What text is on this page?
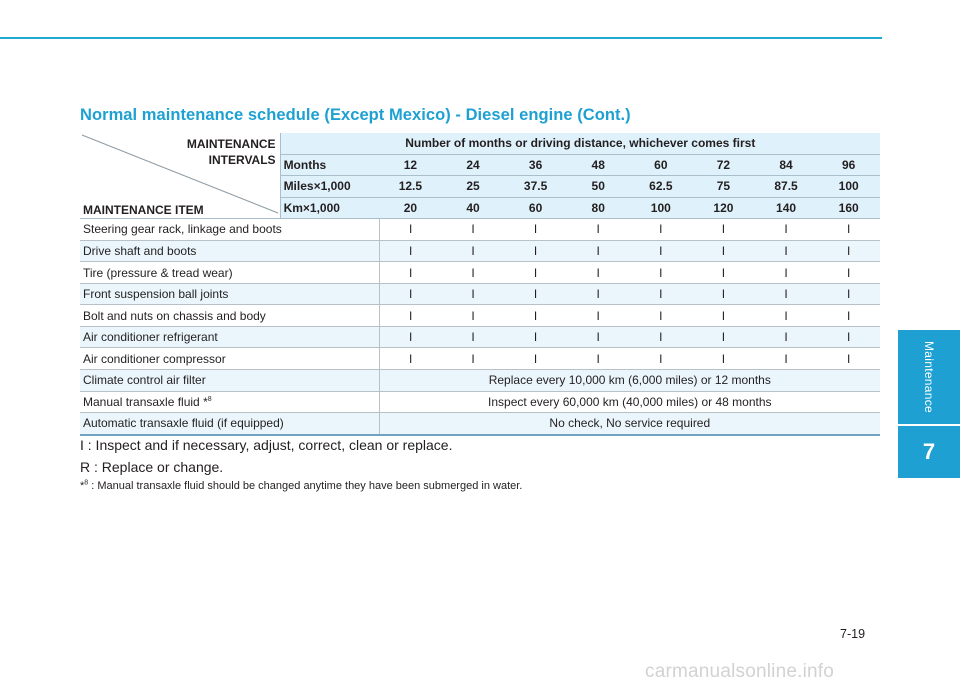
Normal maintenance schedule (Except Mexico) - Diesel engine (Cont.)
MAINTENANCE
INTERVALS
MAINTENANCE ITEM	Number of months or driving distance, whichever comes first								
	Months	12	24	36	48	60	72	84	96
	Miles×1,000	12.5	25	37.5	50	62.5	75	87.5	100
	Km×1,000	20	40	60	80	100	120	140	160
Steering gear rack, linkage and boots		I	I	I	I	I	I	I	I
Drive shaft and boots		I	I	I	I	I	I	I	I
Tire (pressure & tread wear)		I	I	I	I	I	I	I	I
Front suspension ball joints		I	I	I	I	I	I	I	I
Bolt and nuts on chassis and body		I	I	I	I	I	I	I	I
Air conditioner refrigerant		I	I	I	I	I	I	I	I
Air conditioner compressor		I	I	I	I	I	I	I	I
Climate control air filter		Replace every 10,000 km (6,000 miles) or 12 months							
Manual transaxle fluid *$^8$		Inspect every 60,000 km (40,000 miles) or 48 months							
Automatic transaxle fluid (if equipped)		No check, No service required							

I : Inspect and if necessary, adjust, correct, clean or replace.

R : Replace or change.

*$^8$ : Manual transaxle fluid should be changed anytime they have been submerged in water.

Maintenance
7
7-19
carmanualsonline.info
